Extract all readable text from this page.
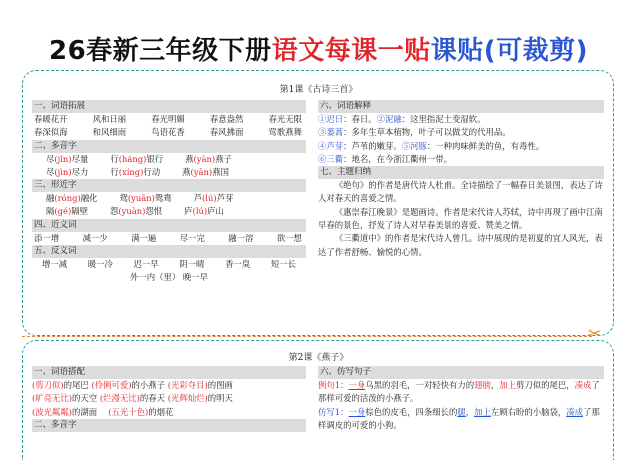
26春新三年级下册语文每课一贴课贴(可裁剪)
第1课《古诗三首》
一、词语拓展
春暖花开	风和日丽	春光明媚	春意盎然	春光无限
春深似海	和风细雨	鸟语花香	春风拂面	莺歌燕舞
二、多音字
尽(jǐn)尽量	行(háng)银行	燕(yàn)燕子
尽(jìn)尽力	行(xíng)行动	燕(yān)燕国
三、形近字
融(róng)融化	鸳(yuān)鸳鸯	芦(lú)芦芽
隔(gé)隔壁	怨(yuàn)怨恨	庐(lú)庐山
四、近义词
添一增	减一少	满一遍	尽一完	融一溶	欲一想
五、反义词
增一减 暖一冷 迟一早 阴一晴 香一臭 短一长
外一内（里） 晚一早
六、词语解释
①迟日：春日。②泥融：这里指泥土变湿软。
③蒌蒿：多年生草本植物，叶子可以做艾的代用品。
④芦芽：芦苇的嫩芽。⑤河豚：一种肉味鲜美的鱼，有毒性。
⑥三衢：地名，在今浙江衢州一带。
七、主题归纳
《绝句》的作者是唐代诗人杜甫。全诗描绘了一幅春日美景图，表达了诗人对春天的喜爱之情。
《惠崇春江晚景》是题画诗。作者是宋代诗人苏轼，诗中再现了画中江南早春的景色，抒发了诗人对早春美景的喜爱、赞美之情。
《三衢道中》的作者是宋代诗人曾几。诗中展现的是初夏的宜人风光，表达了作者舒畅、愉悦的心情。
✂
第2课《燕子》
一、词语搭配
(剪刀似)的尾巴 (伶俐可爱)的小燕子 (光彩夺目)的图画
(旷亮无比)的天空 (烂漫无比)的春天 (光辉灿烂)的明天
(波光粼粼)的湖面　 (五光十色)的烟花
二、多音字
六、仿写句子
例句1：一身乌黑的羽毛，一对轻快有力的翅膀，加上剪刀似的尾巴，凑成了那样可爱的活泼的小燕子。
仿写1：一身棕色的皮毛，四条细长的腿，加上左顾右盼的小脑袋，凑成了那样调皮的可爱的小狗。
